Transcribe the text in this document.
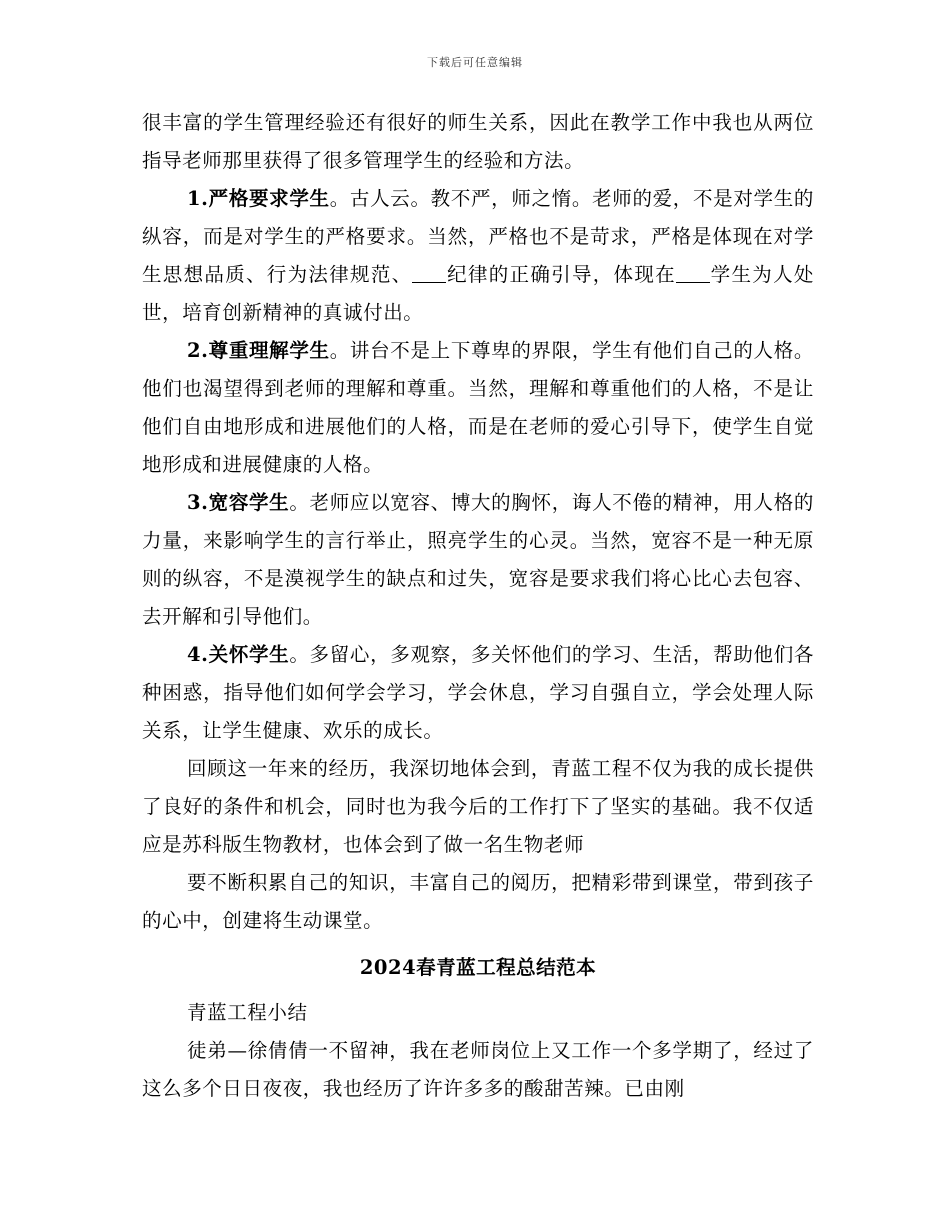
下载后可任意编辑

很丰富的学生管理经验还有很好的师生关系，因此在教学工作中我也从两位指导老师那里获得了很多管理学生的经验和方法。

1.严格要求学生。古人云。教不严，师之惰。老师的爱，不是对学生的纵容，而是对学生的严格要求。当然，严格也不是苛求，严格是体现在对学生思想品质、行为法律规范、 纪律的正确引导，体现在 学生为人处世，培育创新精神的真诚付出。

2.尊重理解学生。讲台不是上下尊卑的界限，学生有他们自己的人格。他们也渴望得到老师的理解和尊重。当然，理解和尊重他们的人格，不是让他们自由地形成和进展他们的人格，而是在老师的爱心引导下，使学生自觉地形成和进展健康的人格。

3.宽容学生。老师应以宽容、博大的胸怀，诲人不倦的精神，用人格的力量，来影响学生的言行举止，照亮学生的心灵。当然，宽容不是一种无原则的纵容，不是漠视学生的缺点和过失，宽容是要求我们将心比心去包容、去开解和引导他们。

4.关怀学生。多留心，多观察，多关怀他们的学习、生活，帮助他们各种困惑，指导他们如何学会学习，学会休息，学习自强自立，学会处理人际关系，让学生健康、欢乐的成长。

回顾这一年来的经历，我深切地体会到，青蓝工程不仅为我的成长提供了良好的条件和机会，同时也为我今后的工作打下了坚实的基础。我不仅适应是苏科版生物教材，也体会到了做一名生物老师

要不断积累自己的知识，丰富自己的阅历，把精彩带到课堂，带到孩子的心中，创建将生动课堂。

2024春青蓝工程总结范本

青蓝工程小结

徒弟—徐倩倩一不留神，我在老师岗位上又工作一个多学期了，经过了这么多个日日夜夜，我也经历了许许多多的酸甜苦辣。已由刚
